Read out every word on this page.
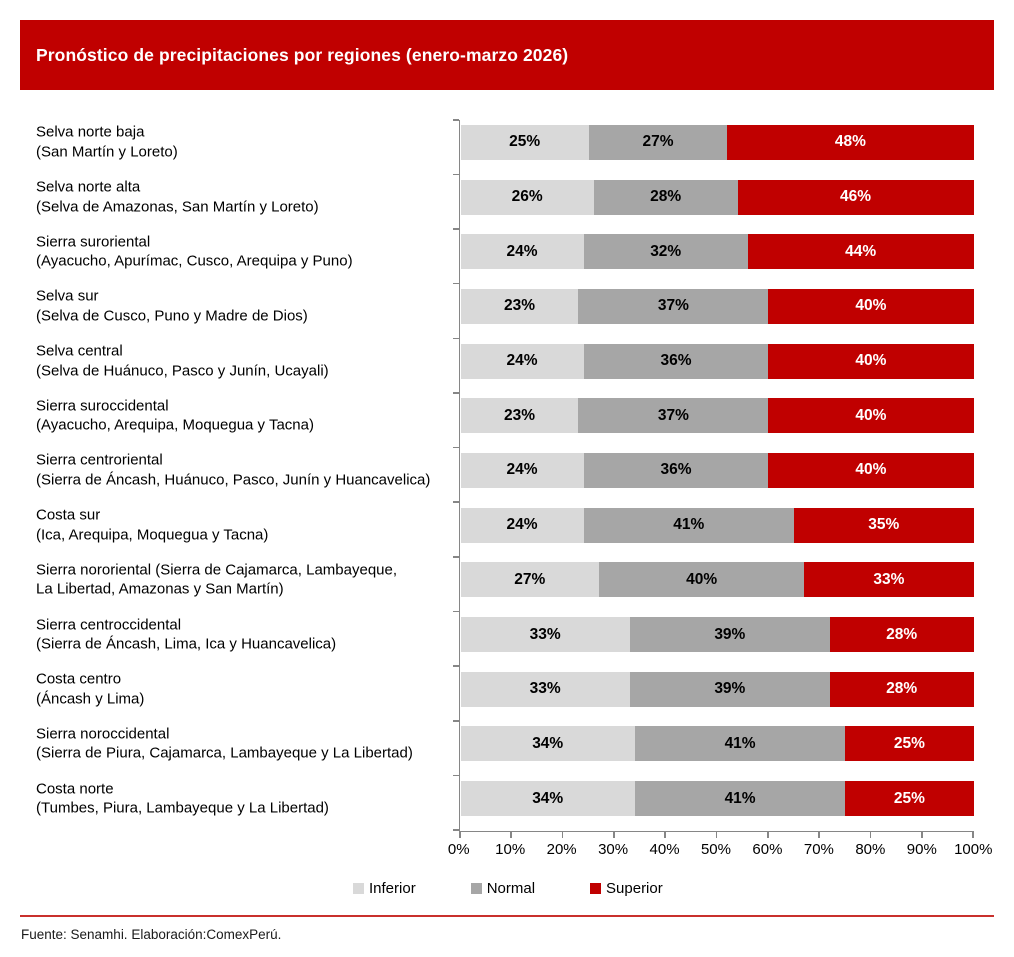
Pronóstico de precipitaciones por regiones (enero-marzo 2026)
Selva norte baja
(San Martín y Loreto)
25%	27%	48%
Selva norte alta
(Selva de Amazonas, San Martín y Loreto)
26%	28%	46%
Sierra suroriental
(Ayacucho, Apurímac, Cusco, Arequipa y Puno)
24%	32%	44%
Selva sur
(Selva de Cusco, Puno y Madre de Dios)
23%	37%	40%
Selva central
(Selva de Huánuco, Pasco y Junín, Ucayali)
24%	36%	40%
Sierra suroccidental
(Ayacucho, Arequipa, Moquegua y Tacna)
23%	37%	40%
Sierra centroriental
(Sierra de Áncash, Huánuco, Pasco, Junín y Huancavelica)
24%	36%	40%
Costa sur
(Ica, Arequipa, Moquegua y Tacna)
24%	41%	35%
Sierra nororiental (Sierra de Cajamarca, Lambayeque,
La Libertad, Amazonas y San Martín)
27%	40%	33%
Sierra centroccidental
(Sierra de Áncash, Lima, Ica y Huancavelica)
33%	39%	28%
Costa centro
(Áncash y Lima)
33%	39%	28%
Sierra noroccidental
(Sierra de Piura, Cajamarca, Lambayeque y La Libertad)
34%	41%	25%
Costa norte
(Tumbes, Piura, Lambayeque y La Libertad)
34%	41%	25%
0%	10%	20%	30%	40%	50%	60%	70%	80%	90%	100%
Inferior	Normal	Superior
Fuente: Senamhi. Elaboración:ComexPerú.
